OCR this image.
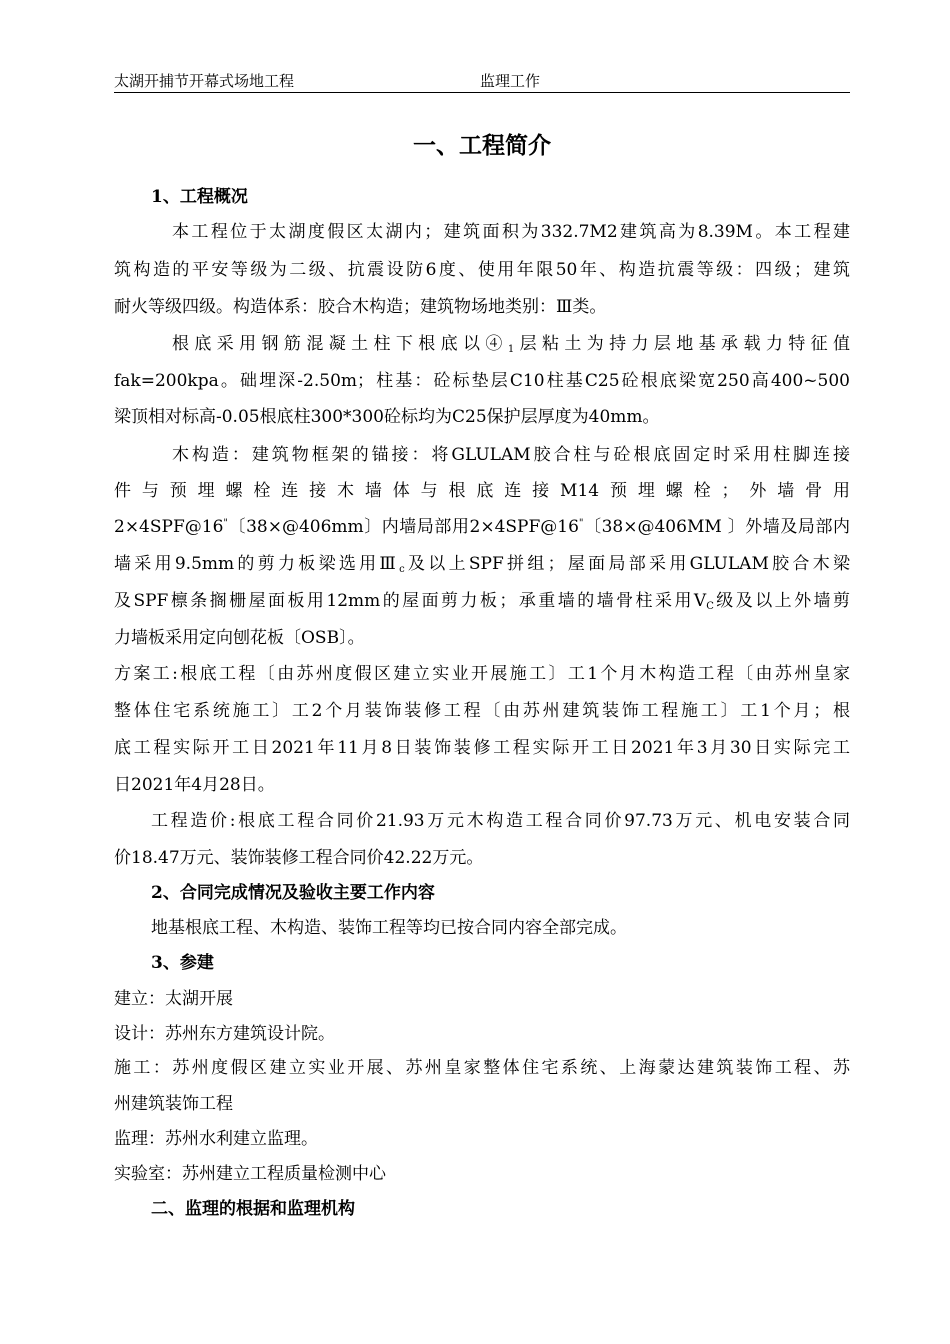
太湖开捕节开幕式场地工程	监理工作
一、工程简介
1、工程概况
本工程位于太湖度假区太湖内；建筑面积为332.7M2建筑高为8.39M。本工程建
筑构造的平安等级为二级、抗震设防6度、使用年限50年、构造抗震等级：四级；建筑
耐火等级四级。构造体系：胶合木构造；建筑物场地类别：Ⅲ类。
根底采用钢筋混凝土柱下根底以$④_1$层粘土为持力层地基承载力特征值
fak=200kpa。础埋深-2.50m；柱基：砼标垫层C10柱基C25砼根底梁宽250高400~500
梁顶相对标高-0.05根底柱300*300砼标均为C25保护层厚度为40mm。
木构造：建筑物框架的锚接：将GLULAM胶合柱与砼根底固定时采用柱脚连接
件与预埋螺栓连接木墙体与根底连接M14预埋螺栓；外墙骨用
2×4SPF@16"〔38×@406mm〕内墙局部用2×4SPF@16"〔38×@406MM 〕外墙及局部内
墙采用9.5mm的剪力板梁选用$Ⅲ_c$及以上SPF拼组；屋面局部采用GLULAM胶合木梁
及SPF檩条搁栅屋面板用12mm的屋面剪力板；承重墙的墙骨柱采用$V_C$级及以上外墙剪
力墙板采用定向刨花板〔OSB〕。
方案工:根底工程〔由苏州度假区建立实业开展施工〕工1个月木构造工程〔由苏州皇家
整体住宅系统施工〕工2个月装饰装修工程〔由苏州建筑装饰工程施工〕工1个月；根
底工程实际开工日2021年11月8日装饰装修工程实际开工日2021年3月30日实际完工
日2021年4月28日。
工程造价:根底工程合同价21.93万元木构造工程合同价97.73万元、机电安装合同
价18.47万元、装饰装修工程合同价42.22万元。
2、合同完成情况及验收主要工作内容
地基根底工程、木构造、装饰工程等均已按合同内容全部完成。
3、参建
建立：太湖开展
设计：苏州东方建筑设计院。
施工：苏州度假区建立实业开展、苏州皇家整体住宅系统、上海蒙达建筑装饰工程、苏
州建筑装饰工程
监理：苏州水利建立监理。
实验室：苏州建立工程质量检测中心
二、监理的根据和监理机构
